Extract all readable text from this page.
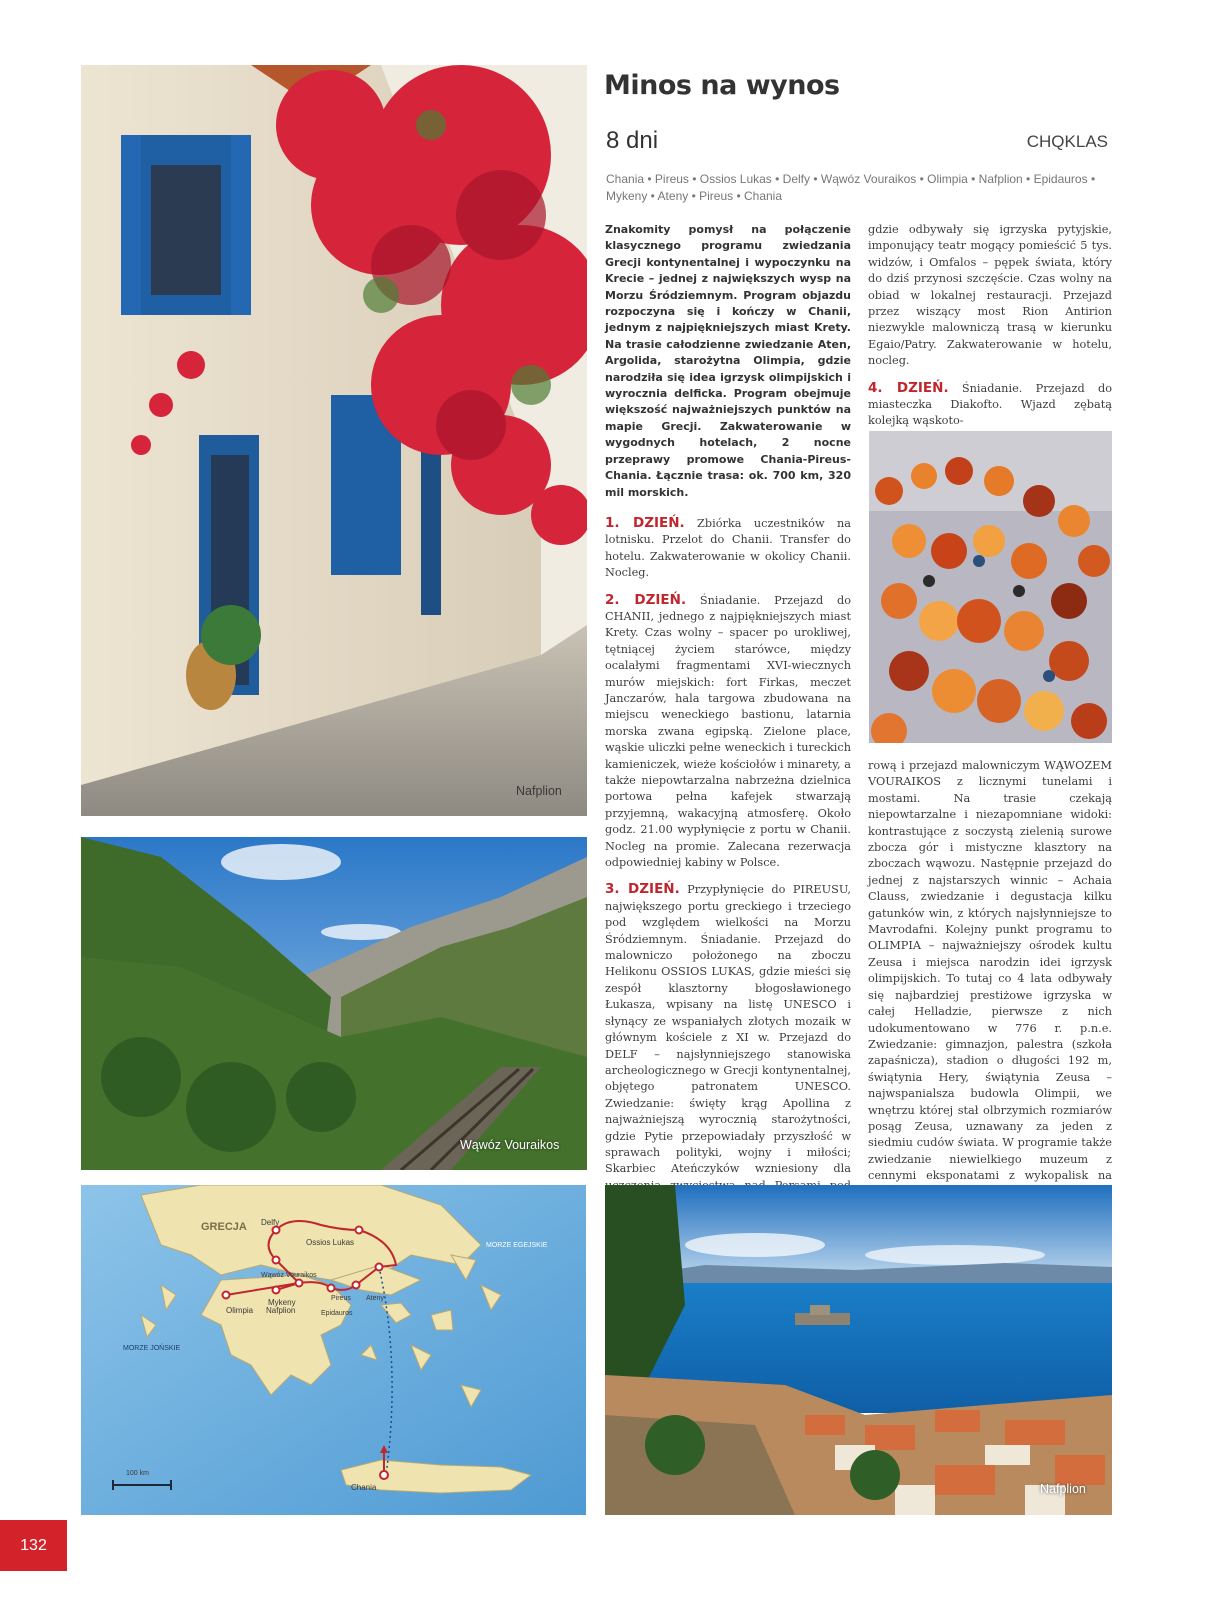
Nafplion
Wąwóz Vouraikos
GRECJA Delfy
Ossios Lukas
Wąwóz Vouraikos
Mykeny	Pireus Ateny
Olimpia Nafplion	Epidauros
Chania
MORZE EGEJSKIE
MORZE JOŃSKIE
100 km
Minos na wynos
8 dni	CHQKLAS
Chania • Pireus • Ossios Lukas • Delfy • Wąwóz Vouraikos • Olimpia • Nafplion • Epidauros • Mykeny • Ateny • Pireus • Chania

Znakomity pomysł na połączenie klasycznego programu zwiedzania Grecji kontynentalnej i wypoczynku na Krecie – jednej z największych wysp na Morzu Śródziemnym. Program objazdu rozpoczyna się i kończy w Chanii, jednym z najpiękniejszych miast Krety. Na trasie całodzienne zwiedzanie Aten, Argolida, starożytna Olimpia, gdzie narodziła się idea igrzysk olimpijskich i wyrocznia delficka. Program obejmuje większość najważniejszych punktów na mapie Grecji. Zakwaterowanie w wygodnych hotelach, 2 nocne przeprawy promowe Chania-Pireus-Chania. Łącznie trasa: ok. 700 km, 320 mil morskich.

1. DZIEŃ. Zbiórka uczestników na lotnisku. Przelot do Chanii. Transfer do hotelu. Zakwaterowanie w okolicy Chanii. Nocleg.

2. DZIEŃ. Śniadanie. Przejazd do CHANII, jednego z najpiękniejszych miast Krety. Czas wolny – spacer po urokliwej, tętniącej życiem starówce, między ocalałymi fragmentami XVI-wiecznych murów miejskich: fort Firkas, meczet Janczarów, hala targowa zbudowana na miejscu weneckiego bastionu, latarnia morska zwana egipską. Zielone place, wąskie uliczki pełne weneckich i tureckich kamieniczek, wieże kościołów i minarety, a także niepowtarzalna nabrzeżna dzielnica portowa pełna kafejek stwarzają przyjemną, wakacyjną atmosferę. Około godz. 21.00 wypłynięcie z portu w Chanii. Nocleg na promie. Zalecana rezerwacja odpowiedniej kabiny w Polsce.

3. DZIEŃ. Przypłynięcie do PIREUSU, największego portu greckiego i trzeciego pod względem wielkości na Morzu Śródziemnym. Śniadanie. Przejazd do malowniczo położonego na zboczu Helikonu OSSIOS LUKAS, gdzie mieści się zespół klasztorny błogosławionego Łukasza, wpisany na listę UNESCO i słynący ze wspaniałych złotych mozaik w głównym kościele z XI w. Przejazd do DELF – najsłynniejszego stanowiska archeologicznego w Grecji kontynentalnej, objętego patronatem UNESCO. Zwiedzanie: święty krąg Apollina z najważniejszą wyrocznią starożytności, gdzie Pytie przepowiadały przyszłość w sprawach polityki, wojny i miłości; Skarbiec Ateńczyków wzniesiony dla

gdzie odbywały się igrzyska pytyjskie, imponujący teatr mogący pomieścić 5 tys. widzów, i Omfalos – pępek świata, który do dziś przynosi szczęście. Czas wolny na obiad w lokalnej restauracji. Przejazd przez wiszący most Rion Antirion niezwykle malowniczą trasą w kierunku Egaio/Patry. Zakwaterowanie w hotelu, nocleg.

4. DZIEŃ. Śniadanie. Przejazd do miasteczka Diakofto. Wjazd zębatą kolejką wąskoto-

rową i przejazd malowniczym WĄWOZEM VOURAIKOS z licznymi tunelami i mostami. Na trasie czekają niepowtarzalne i niezapomniane widoki: kontrastujące z soczystą zielenią surowe zbocza gór i mistyczne klasztory na zboczach wąwozu. Następnie przejazd do jednej z najstarszych winnic – Achaia Clauss, zwiedzanie i degustacja kilku gatunków win, z których najsłynniejsze to Mavrodafni. Kolejny punkt programu to OLIMPIA – najważniejszy ośrodek kultu Zeusa i miejsca narodzin idei igrzysk olimpijskich. To tutaj co 4 lata odbywały się najbardziej prestiżowe igrzyska w całej Helladzie, pierwsze z nich udokumentowano w 776 r. p.n.e. Zwiedzanie: gimnazjon, palestra (szkoła zapaśnicza), stadion o długości 192 m, świątynia Hery, świątynia Zeusa – najwspanialsza budowla Olimpii, we wnętrzu której stał olbrzymich rozmiarów posąg Zeusa, uznawany za jeden z siedmiu cudów świata. W programie także zwiedzanie niewielkiego muzeum z cennymi eksponatami z wykopalisk na

Nafplion
132
